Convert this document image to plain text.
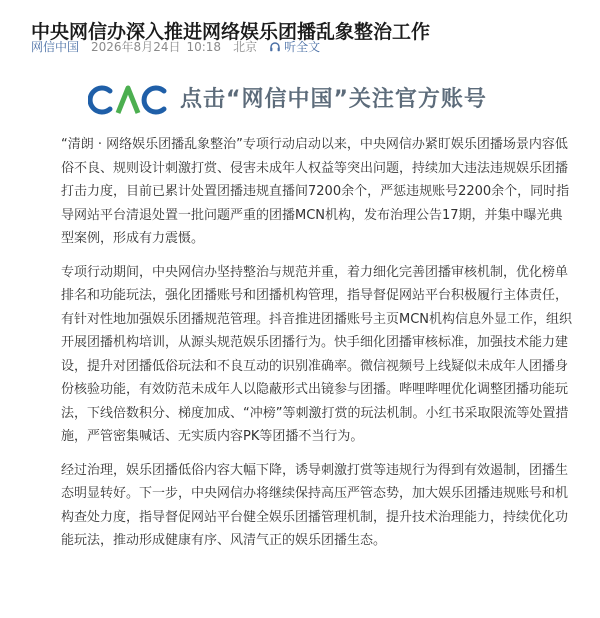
中央网信办深入推进网络娱乐团播乱象整治工作
网信中国 2026年8月24日 10:18 北京 听全文
点击“网信中国”关注官方账号

“清朗 · 网络娱乐团播乱象整治”专项行动启动以来，中央网信办紧盯娱乐团播场景内容低俗不良、规则设计刺激打赏、侵害未成年人权益等突出问题，持续加大违法违规娱乐团播打击力度，目前已累计处置团播违规直播间7200余个，严惩违规账号2200余个，同时指导网站平台清退处置一批问题严重的团播MCN机构，发布治理公告17期，并集中曝光典型案例，形成有力震慑。

专项行动期间，中央网信办坚持整治与规范并重，着力细化完善团播审核机制，优化榜单排名和功能玩法，强化团播账号和团播机构管理，指导督促网站平台积极履行主体责任，有针对性地加强娱乐团播规范管理。抖音推进团播账号主页MCN机构信息外显工作，组织开展团播机构培训，从源头规范娱乐团播行为。快手细化团播审核标准，加强技术能力建设，提升对团播低俗玩法和不良互动的识别准确率。微信视频号上线疑似未成年人团播身份核验功能，有效防范未成年人以隐蔽形式出镜参与团播。哔哩哔哩优化调整团播功能玩法，下线倍数积分、梯度加成、“冲榜”等刺激打赏的玩法机制。小红书采取限流等处置措施，严管密集喊话、无实质内容PK等团播不当行为。

经过治理，娱乐团播低俗内容大幅下降，诱导刺激打赏等违规行为得到有效遏制，团播生态明显转好。下一步，中央网信办将继续保持高压严管态势，加大娱乐团播违规账号和机构查处力度，指导督促网站平台健全娱乐团播管理机制，提升技术治理能力，持续优化功能玩法，推动形成健康有序、风清气正的娱乐团播生态。
